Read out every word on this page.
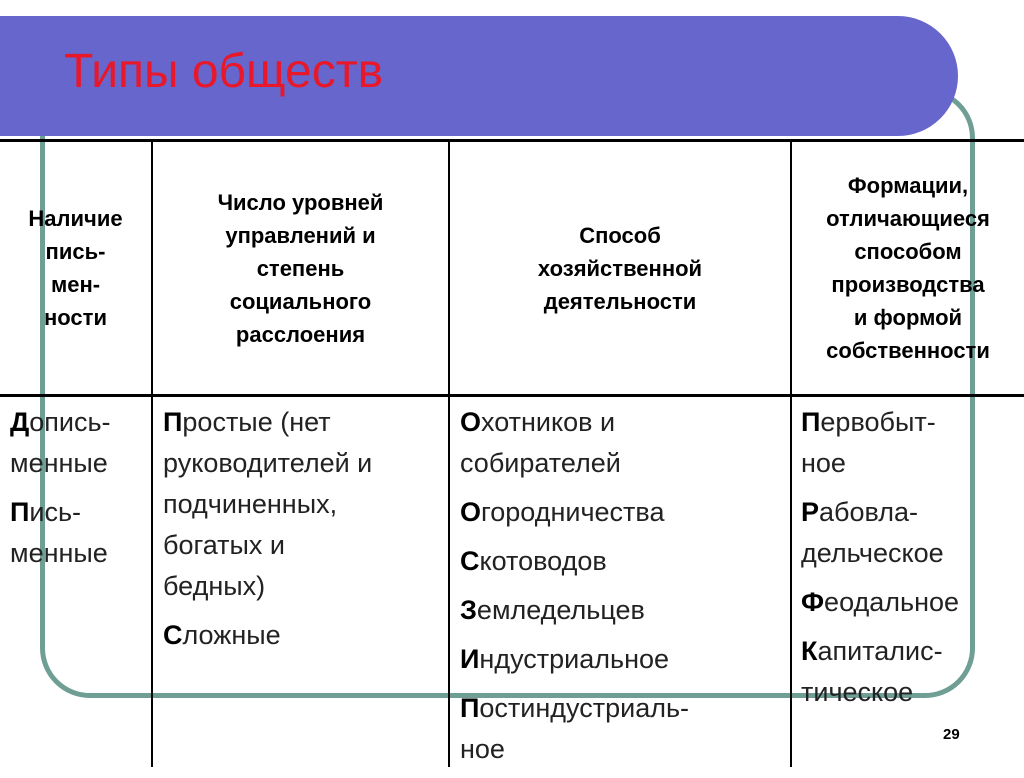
Типы обществ
Наличие
пись-
мен-
ности
Число уровней
управлений и
степень
социального
расслоения
Способ
хозяйственной
деятельности
Формации,
отличающиеся
способом
производства
и формой
собственности
Допись-
менные
Пись-
менные
Простые (нет
руководителей и
подчиненных,
богатых и
бедных)
Сложные
Охотников и
собирателей
Огородничества
Скотоводов
Земледельцев
Индустриальное
Постиндустриаль-
ное
Первобыт-
ное
Рабовла-
дельческое
Феодальное
Капиталис-
тическое
29
